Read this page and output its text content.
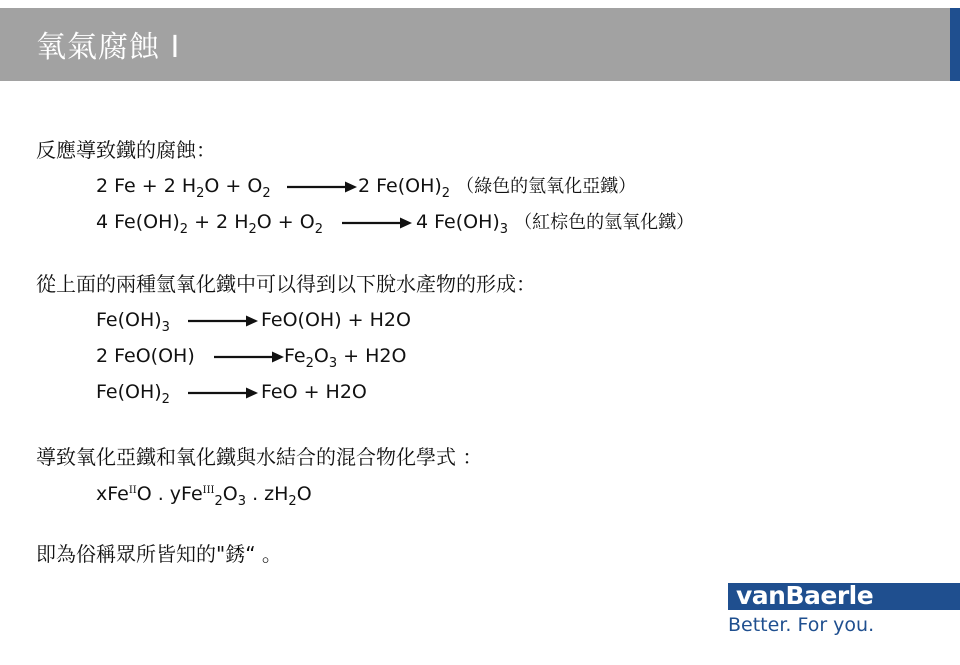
氧氣腐蝕 I
反應導致鐵的腐蝕：
2 Fe + 2 $H_2O + O_2$	2 $Fe(OH)_2$ （綠色的氫氧化亞鐵）
4 $Fe(OH)_2 + 2$ $H_2O + O_2$	4 $Fe(OH)_3$ （紅棕色的氫氧化鐵）
從上面的兩種氫氧化鐵中可以得到以下脫水產物的形成：
$Fe(OH)_3$	FeO(OH) + H2O
2 FeO(OH)	$Fe_2O_3 + H2O$
$Fe(OH)_2$	FeO + H2O
導致氧化亞鐵和氧化鐵與水結合的混合物化學式 ：
xFe$^{II}$O . $yFe^{III}_2O_3$ . $zH_2O$
即為俗稱眾所皆知的"銹“ 。
vanBaerle
Better. For you.
